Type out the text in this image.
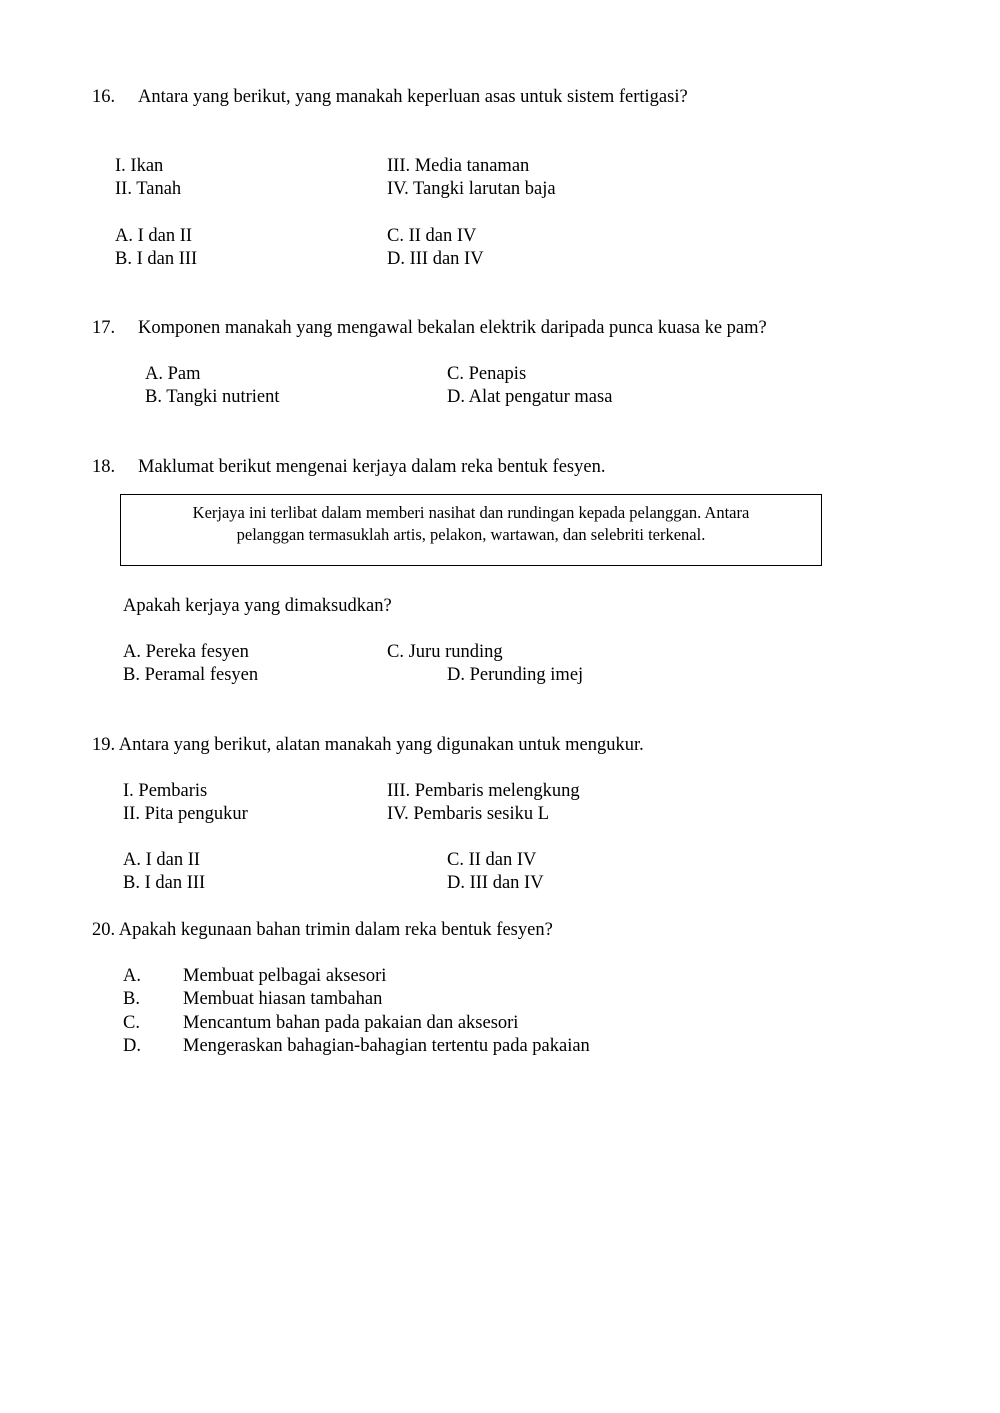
16. Antara yang berikut, yang manakah keperluan asas untuk sistem fertigasi?
I. Ikan
II. Tanah
III. Media tanaman
IV. Tangki larutan baja
A. I dan II
B. I dan III
C. II dan IV
D. III dan IV
17. Komponen manakah yang mengawal bekalan elektrik daripada punca kuasa ke pam?
A. Pam
B. Tangki nutrient
C. Penapis
D. Alat pengatur masa
18. Maklumat berikut mengenai kerjaya dalam reka bentuk fesyen.
Kerjaya ini terlibat dalam memberi nasihat dan rundingan kepada pelanggan. Antara
pelanggan termasuklah artis, pelakon, wartawan, dan selebriti terkenal.
Apakah kerjaya yang dimaksudkan?
A. Pereka fesyen
B. Peramal fesyen
C. Juru runding
D. Perunding imej
19. Antara yang berikut, alatan manakah yang digunakan untuk mengukur.
I. Pembaris
II. Pita pengukur
III. Pembaris melengkung
IV. Pembaris sesiku L
A. I dan II
B. I dan III
C. II dan IV
D. III dan IV
20. Apakah kegunaan bahan trimin dalam reka bentuk fesyen?
A. Membuat pelbagai aksesori
B. Membuat hiasan tambahan
C. Mencantum bahan pada pakaian dan aksesori
D. Mengeraskan bahagian-bahagian tertentu pada pakaian
